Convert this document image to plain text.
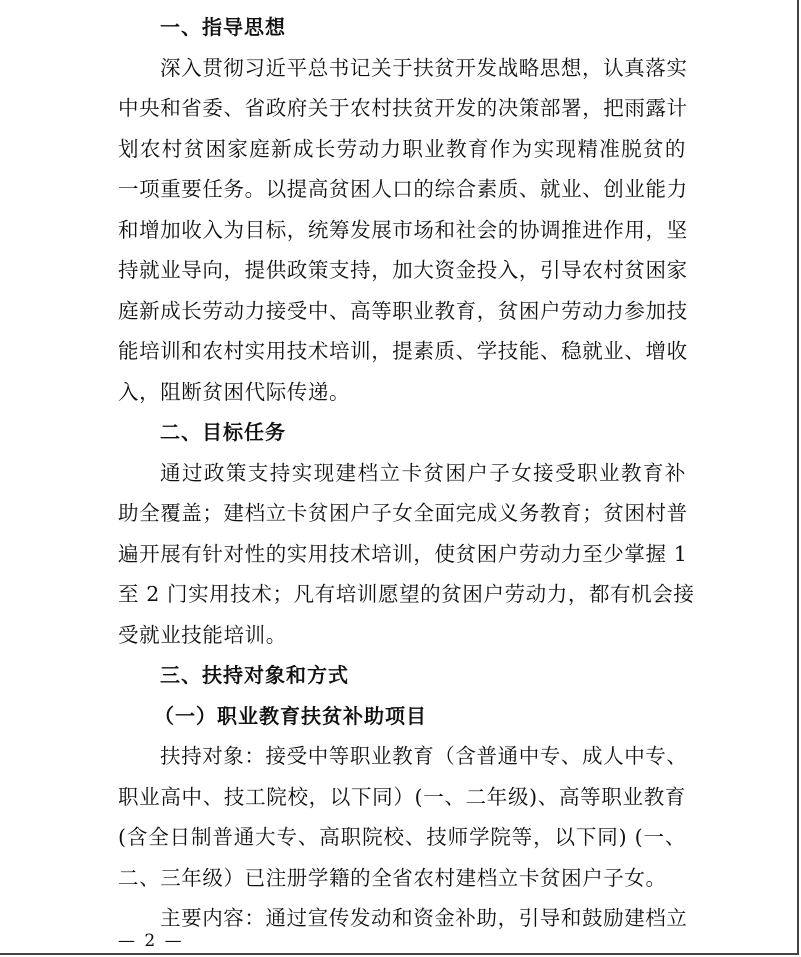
一、指导思想

深入贯彻习近平总书记关于扶贫开发战略思想，认真落实

中央和省委、省政府关于农村扶贫开发的决策部署，把雨露计

划农村贫困家庭新成长劳动力职业教育作为实现精准脱贫的

一项重要任务。以提高贫困人口的综合素质、就业、创业能力

和增加收入为目标，统筹发展市场和社会的协调推进作用，坚

持就业导向，提供政策支持，加大资金投入，引导农村贫困家

庭新成长劳动力接受中、高等职业教育，贫困户劳动力参加技

能培训和农村实用技术培训，提素质、学技能、稳就业、增收

入，阻断贫困代际传递。

二、目标任务

通过政策支持实现建档立卡贫困户子女接受职业教育补

助全覆盖；建档立卡贫困户子女全面完成义务教育；贫困村普

遍开展有针对性的实用技术培训，使贫困户劳动力至少掌握 1

至 2 门实用技术；凡有培训愿望的贫困户劳动力，都有机会接

受就业技能培训。

三、扶持对象和方式

（一）职业教育扶贫补助项目

扶持对象：接受中等职业教育（含普通中专、成人中专、

职业高中、技工院校，以下同）(一、二年级)、高等职业教育

(含全日制普通大专、高职院校、技师学院等，以下同) (一、

二、三年级）已注册学籍的全省农村建档立卡贫困户子女。

主要内容：通过宣传发动和资金补助，引导和鼓励建档立

— 2 —
